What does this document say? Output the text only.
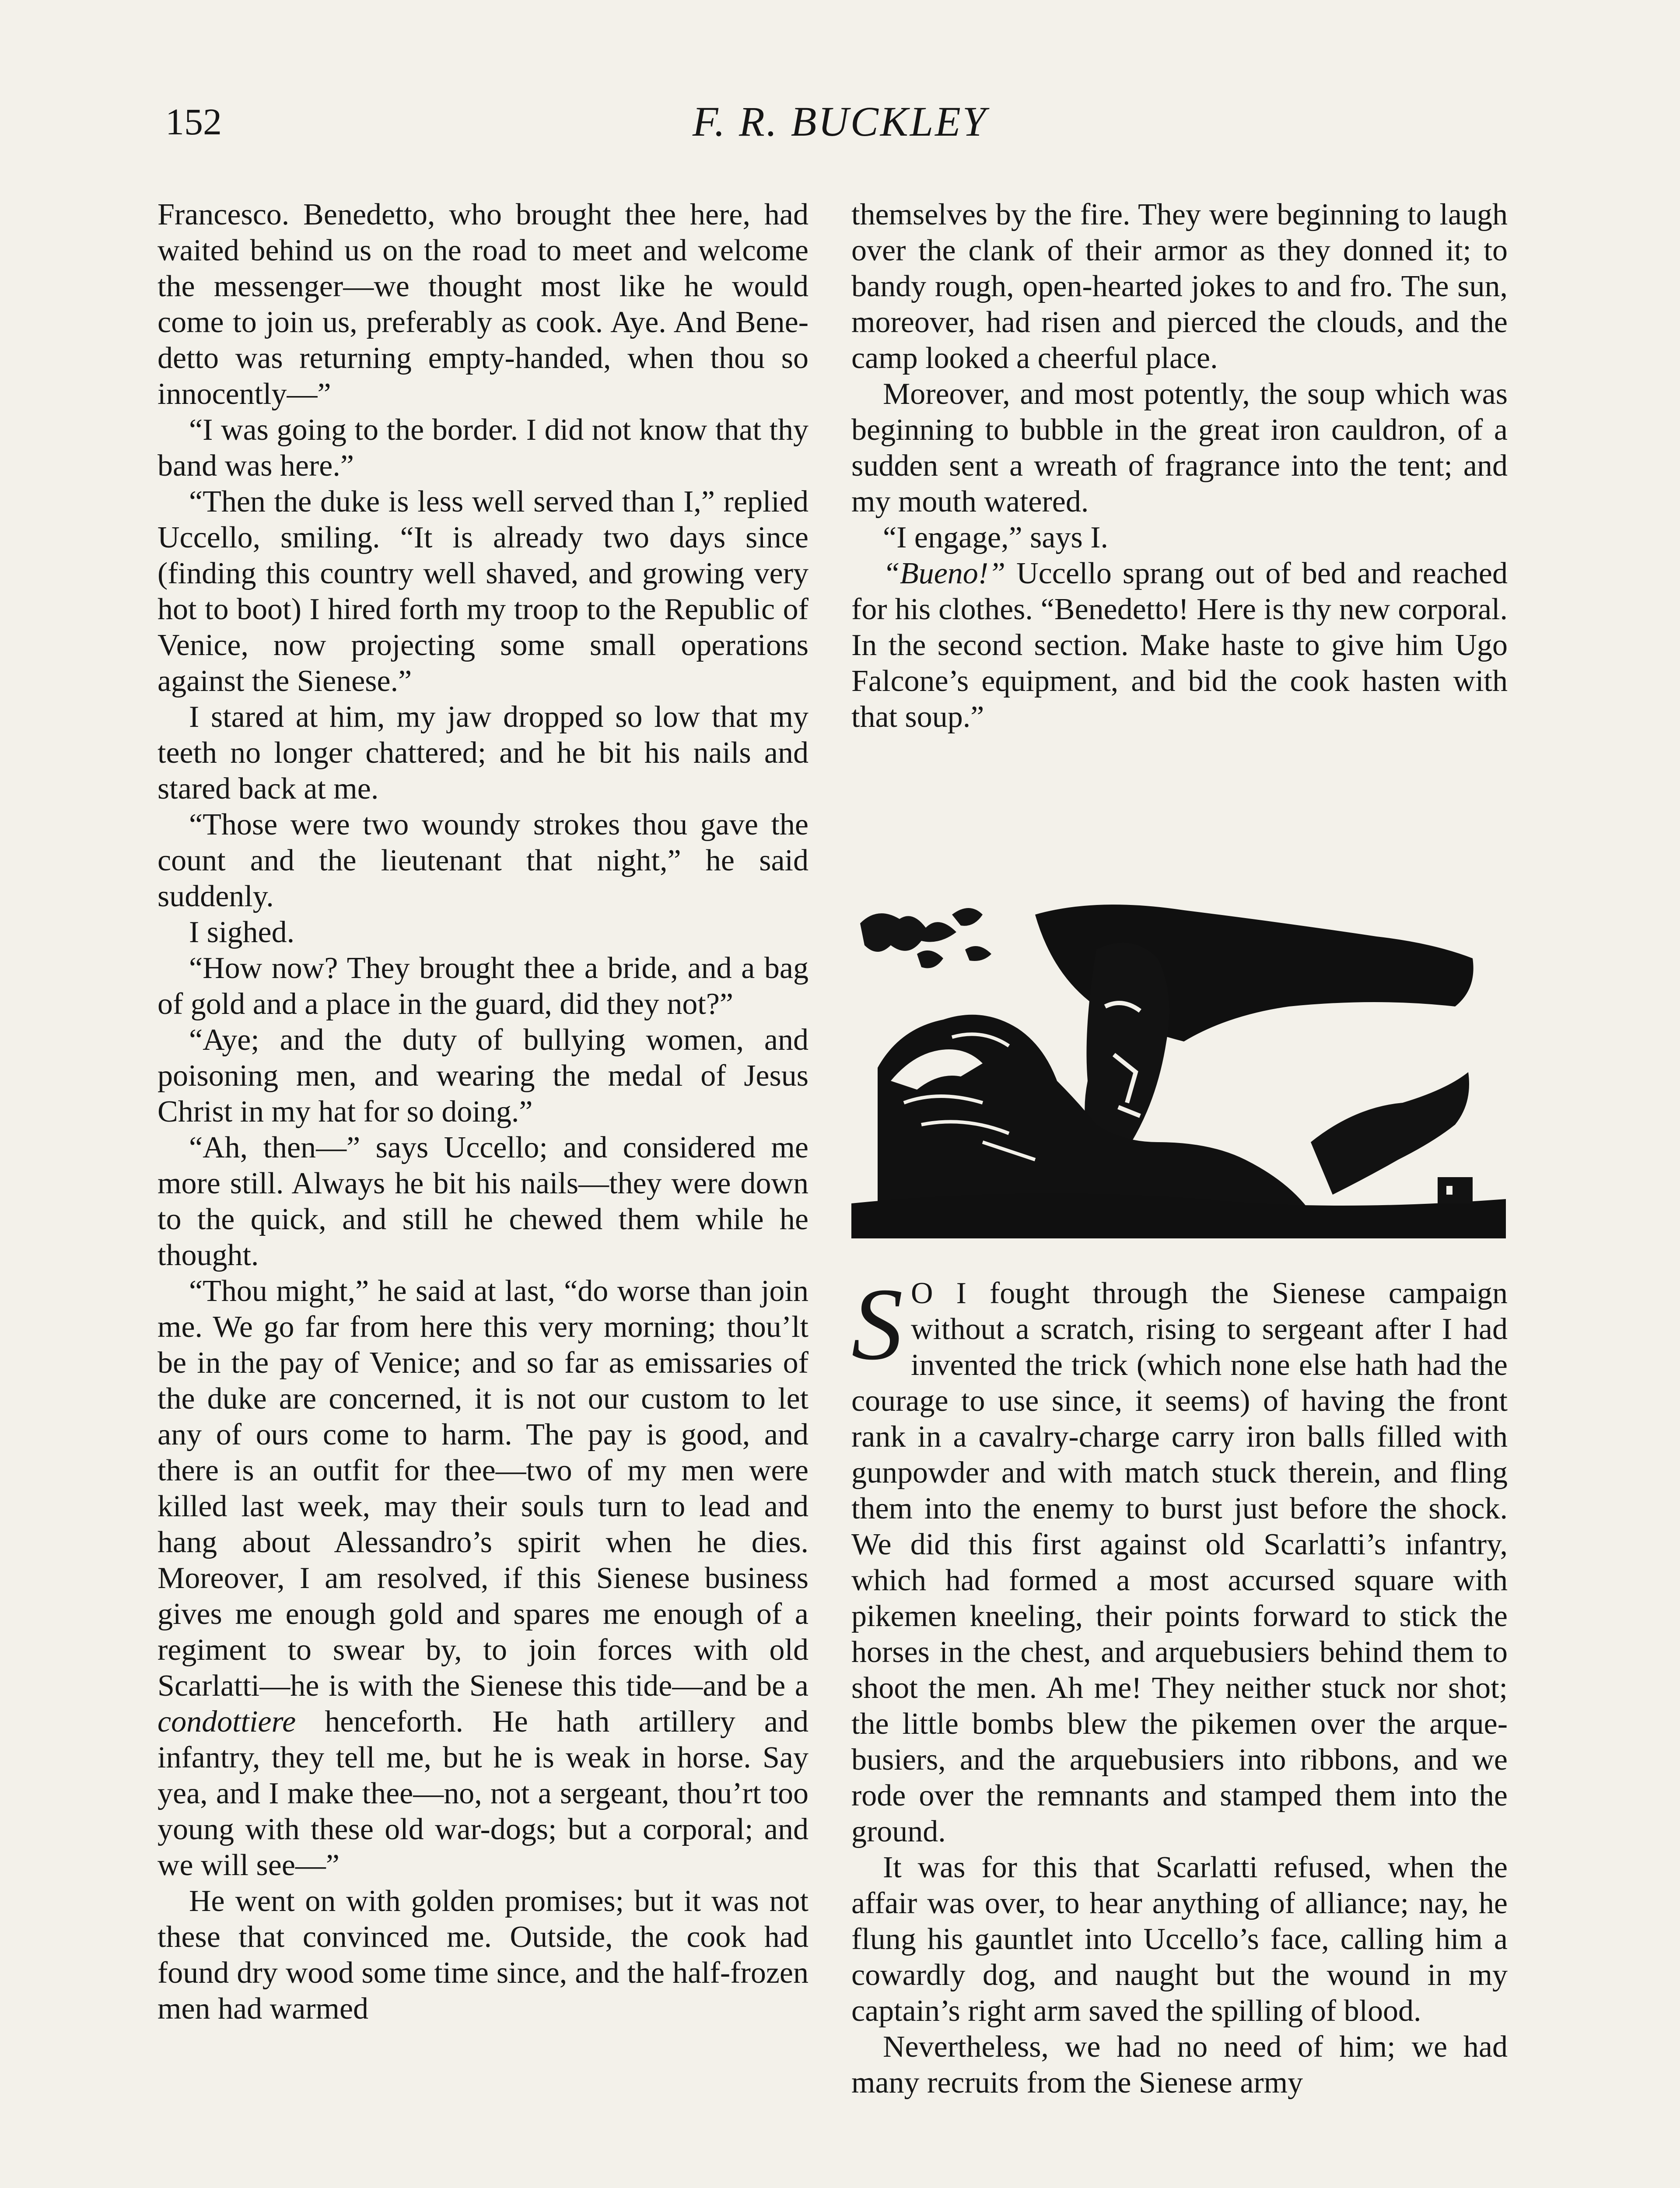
152	F. R. BUCKLEY

Francesco. Benedetto, who brought thee here, had waited behind us on the road to meet and welcome the messenger—we thought most like he would come to join us, preferably as cook. Aye. And Benedetto was returning empty-handed, when thou so innocently—”

“I was going to the border. I did not know that thy band was here.”

“Then the duke is less well served than I,” replied Uccello, smiling. “It is already two days since (finding this country well shaved, and growing very hot to boot) I hired forth my troop to the Republic of Venice, now projecting some small operations against the Sienese.”

I stared at him, my jaw dropped so low that my teeth no longer chattered; and he bit his nails and stared back at me.

“Those were two woundy strokes thou gave the count and the lieutenant that night,” he said suddenly.

I sighed.

“How now? They brought thee a bride, and a bag of gold and a place in the guard, did they not?”

“Aye; and the duty of bullying women, and poisoning men, and wearing the medal of Jesus Christ in my hat for so doing.”

“Ah, then—” says Uccello; and considered me more still. Always he bit his nails—they were down to the quick, and still he chewed them while he thought.

“Thou might,” he said at last, “do worse than join me. We go far from here this very morning; thou’lt be in the pay of Venice; and so far as emissaries of the duke are concerned, it is not our custom to let any of ours come to harm. The pay is good, and there is an outfit for thee—two of my men were killed last week, may their souls turn to lead and hang about Alessandro’s spirit when he dies. Moreover, I am resolved, if this Sienese business gives me enough gold and spares me enough of a regiment to swear by, to join forces with old Scarlatti—he is with the Sienese this tide—and be a condottiere henceforth. He hath artillery and infantry, they tell me, but he is weak in horse. Say yea, and I make thee—no, not a sergeant, thou’rt too young with these old war-dogs; but a corporal; and we will see—”

He went on with golden promises; but it was not these that convinced me. Outside, the cook had found dry wood some time since, and the half-frozen men had warmed

themselves by the fire. They were beginning to laugh over the clank of their armor as they donned it; to bandy rough, open-hearted jokes to and fro. The sun, moreover, had risen and pierced the clouds, and the camp looked a cheerful place.

Moreover, and most potently, the soup which was beginning to bubble in the great iron cauldron, of a sudden sent a wreath of fragrance into the tent; and my mouth watered.

“I engage,” says I.

“Bueno!” Uccello sprang out of bed and reached for his clothes. “Benedetto! Here is thy new corporal. In the second section. Make haste to give him Ugo Falcone’s equipment, and bid the cook hasten with that soup.”

S O I fought through the Sienese campaign without a scratch, rising to sergeant after I had invented the trick (which none else hath had the courage to use since, it seems) of having the front rank in a cavalry-charge carry iron balls filled with gunpowder and with match stuck therein, and fling them into the enemy to burst just before the shock. We did this first against old Scarlatti’s infantry, which had formed a most accursed square with pikemen kneeling, their points forward to stick the horses in the chest, and arquebusiers behind them to shoot the men. Ah me! They neither stuck nor shot; the little bombs blew the pikemen over the arquebusiers, and the arquebusiers into ribbons, and we rode over the remnants and stamped them into the ground.

It was for this that Scarlatti refused, when the affair was over, to hear anything of alliance; nay, he flung his gauntlet into Uccello’s face, calling him a cowardly dog, and naught but the wound in my captain’s right arm saved the spilling of blood.

Nevertheless, we had no need of him; we had many recruits from the Sienese army
